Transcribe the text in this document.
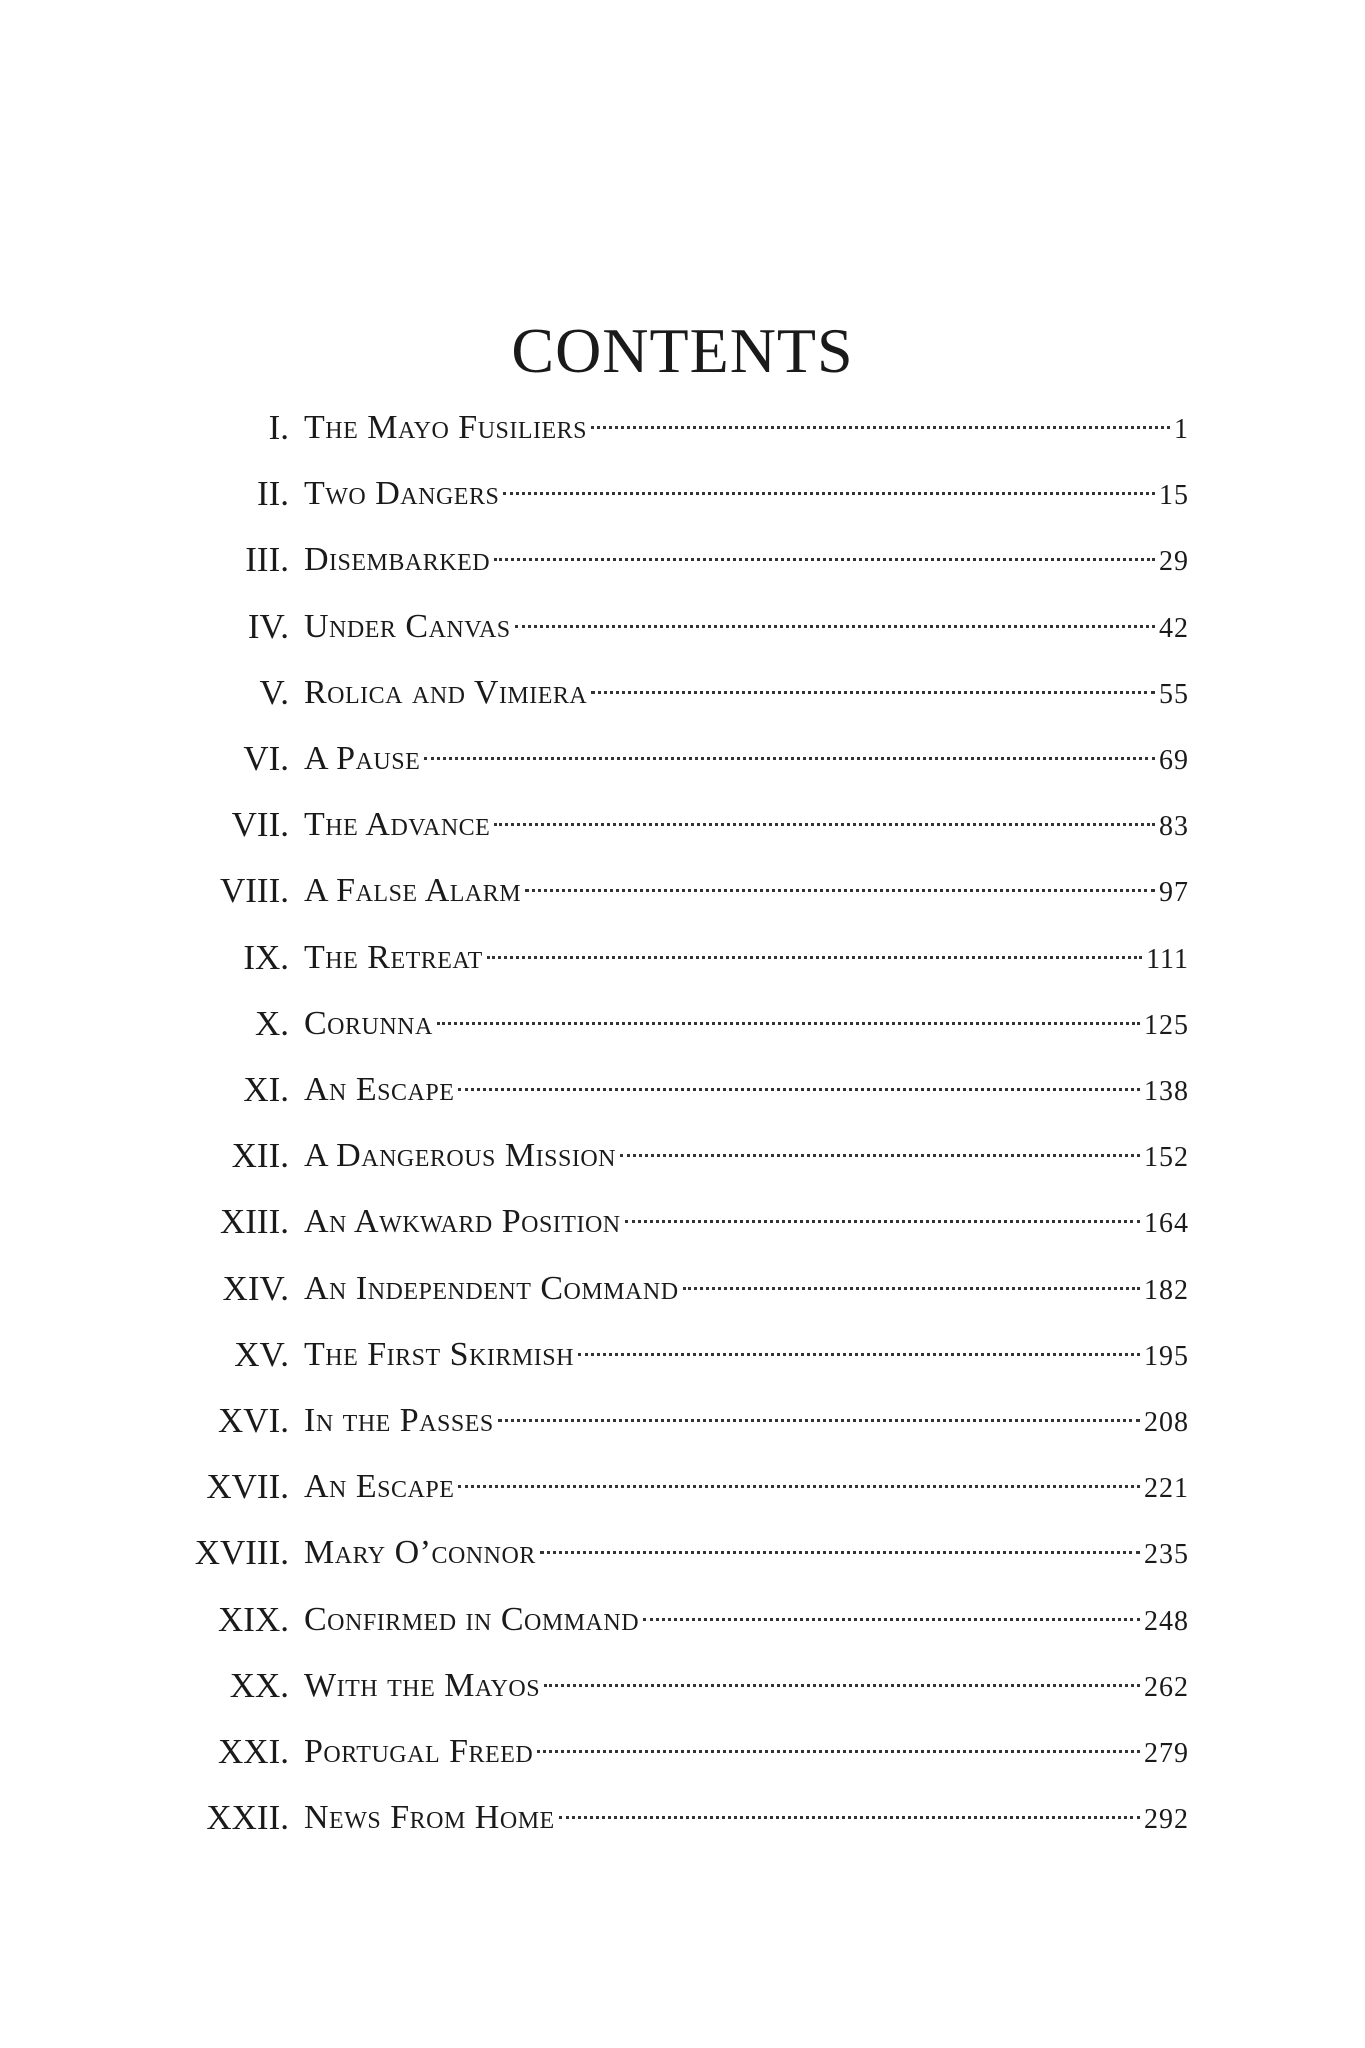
CONTENTS
I. The Mayo Fusiliers	1
II. Two Dangers	15
III. Disembarked	29
IV. Under Canvas	42
V. Rolica and Vimiera	55
VI. A Pause	69
VII. The Advance	83
VIII. A False Alarm	97
IX. The Retreat	111
X. Corunna	125
XI. An Escape	138
XII. A Dangerous Mission	152
XIII. An Awkward Position	164
XIV. An Independent Command	182
XV. The First Skirmish	195
XVI. In the Passes	208
XVII. An Escape	221
XVIII. Mary O’connor	235
XIX. Confirmed in Command	248
XX. With the Mayos	262
XXI. Portugal Freed	279
XXII. News From Home	292
